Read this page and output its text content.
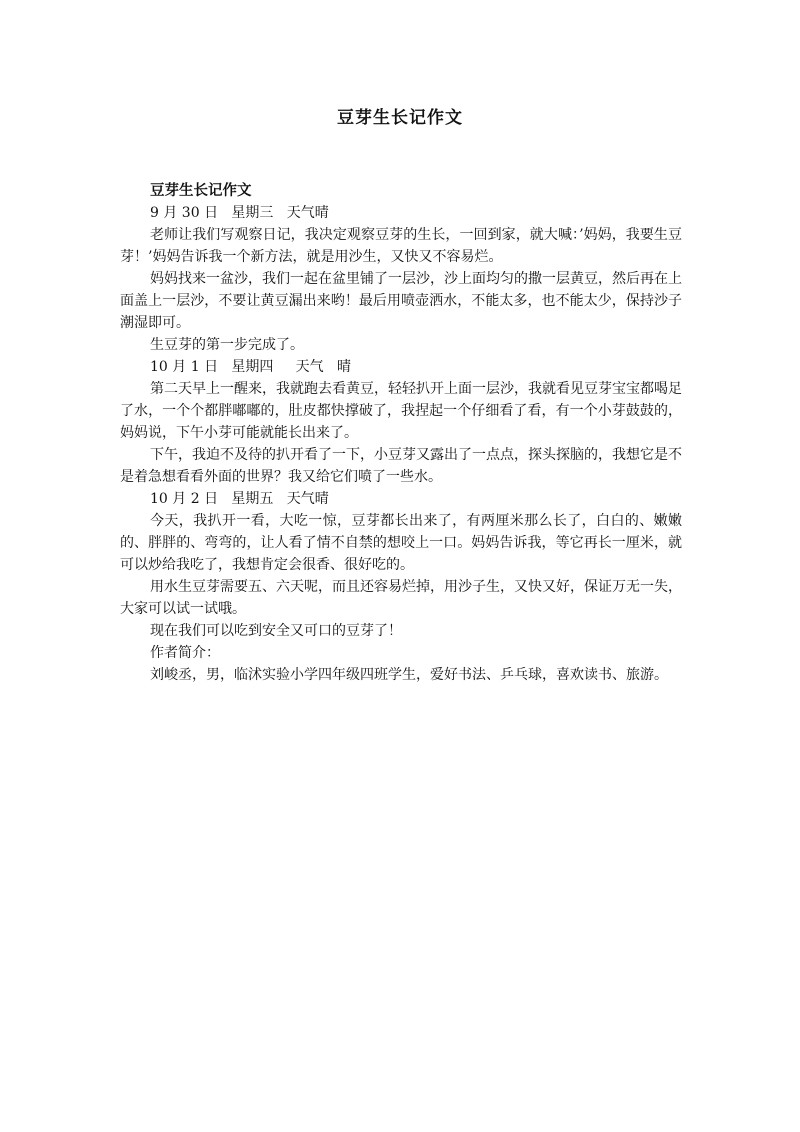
豆芽生长记作文
豆芽生长记作文

9 月 30 日   星期三   天气晴

老师让我们写观察日记，我决定观察豆芽的生长，一回到家，就大喊：’妈妈，我要生豆芽！’妈妈告诉我一个新方法，就是用沙生，又快又不容易烂。

妈妈找来一盆沙，我们一起在盆里铺了一层沙，沙上面均匀的撒一层黄豆，然后再在上面盖上一层沙，不要让黄豆漏出来哟！最后用喷壶洒水，不能太多，也不能太少，保持沙子潮湿即可。

生豆芽的第一步完成了。

10 月 1 日   星期四     天气   晴

第二天早上一醒来，我就跑去看黄豆，轻轻扒开上面一层沙，我就看见豆芽宝宝都喝足了水，一个个都胖嘟嘟的，肚皮都快撑破了，我捏起一个仔细看了看，有一个小芽鼓鼓的，妈妈说，下午小芽可能就能长出来了。

下午，我迫不及待的扒开看了一下，小豆芽又露出了一点点，探头探脑的，我想它是不是着急想看看外面的世界？我又给它们喷了一些水。

10 月 2 日   星期五   天气晴

今天，我扒开一看，大吃一惊，豆芽都长出来了，有两厘米那么长了，白白的、嫩嫩的、胖胖的、弯弯的，让人看了情不自禁的想咬上一口。妈妈告诉我，等它再长一厘米，就可以炒给我吃了，我想肯定会很香、很好吃的。

用水生豆芽需要五、六天呢，而且还容易烂掉，用沙子生，又快又好，保证万无一失，大家可以试一试哦。

现在我们可以吃到安全又可口的豆芽了！

作者简介：

刘峻丞，男，临沭实验小学四年级四班学生，爱好书法、乒乓球，喜欢读书、旅游。
